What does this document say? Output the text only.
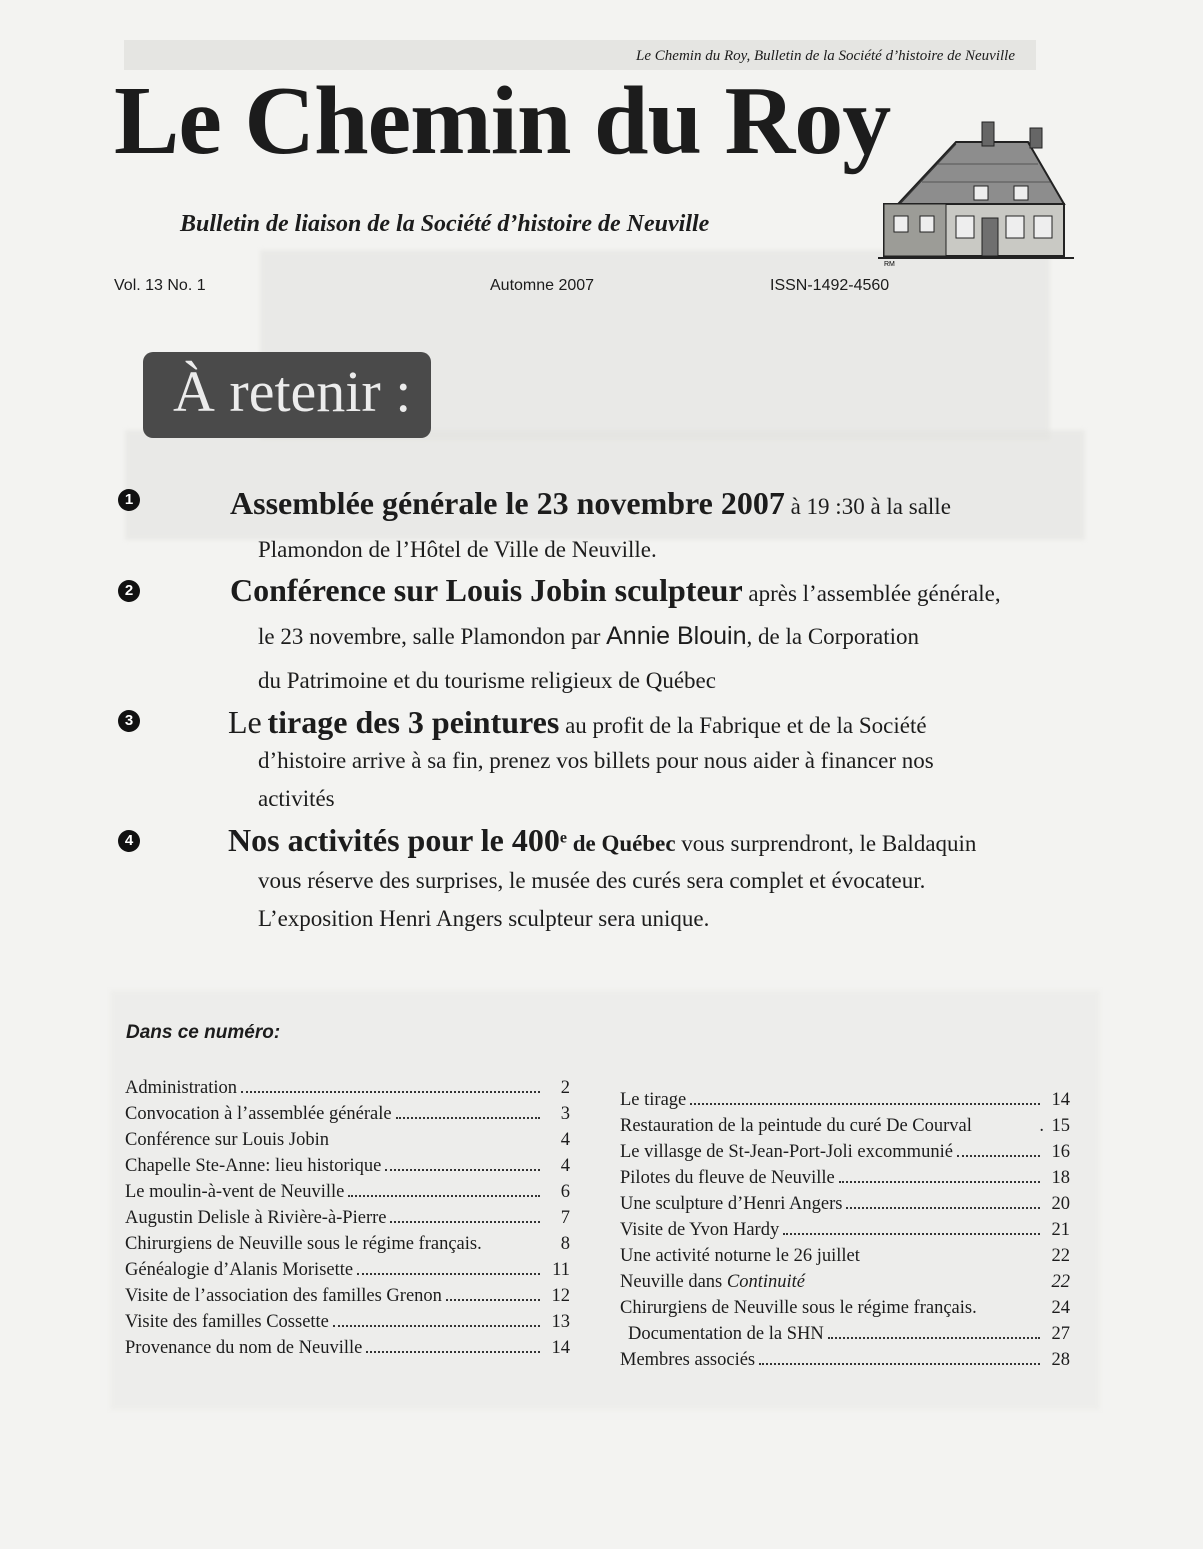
Le Chemin du Roy, Bulletin de la Société d’histoire de Neuville
Le Chemin du Roy
RM
Bulletin de liaison de la Société d’histoire de Neuville
Vol. 13 No. 1	Automne 2007	ISSN-1492-4560
À retenir :
1	Assemblée générale le 23 novembre 2007 à 19 :30 à la salle
Plamondon de l’Hôtel de Ville de Neuville.
2	Conférence sur Louis Jobin sculpteur après l’assemblée générale,
le 23 novembre, salle Plamondon par Annie Blouin, de la Corporation
du Patrimoine et du tourisme religieux de Québec
3	Le tirage des 3 peintures au profit de la Fabrique et de la Société
d’histoire arrive à sa fin, prenez vos billets pour nous aider à financer nos
activités
4	Nos activités pour le 400e de Québec vous surprendront, le Baldaquin
vous réserve des surprises, le musée des curés sera complet et évocateur.
L’exposition Henri Angers sculpteur sera unique.
Dans ce numéro:
Administration	2
Convocation à l’assemblée générale	3
Conférence sur Louis Jobin	4
Chapelle Ste-Anne: lieu historique	4
Le moulin-à-vent de Neuville	6
Augustin Delisle à Rivière-à-Pierre	7
Chirurgiens de Neuville sous le régime français.	8
Généalogie d’Alanis Morisette	11
Visite de l’association des familles Grenon	12
Visite des familles Cossette	13
Provenance du nom de Neuville	14
Le tirage	14
Restauration de la peintude du curé De Courval	. 15
Le villasge de St-Jean-Port-Joli excommunié	16
Pilotes du fleuve de Neuville	18
Une sculpture d’Henri Angers	20
Visite de Yvon Hardy	21
Une activité noturne le 26 juillet	22
Neuville dans
Continuité	22
Chirurgiens de Neuville sous le régime français.	24
Documentation de la SHN	27
Membres associés	28
